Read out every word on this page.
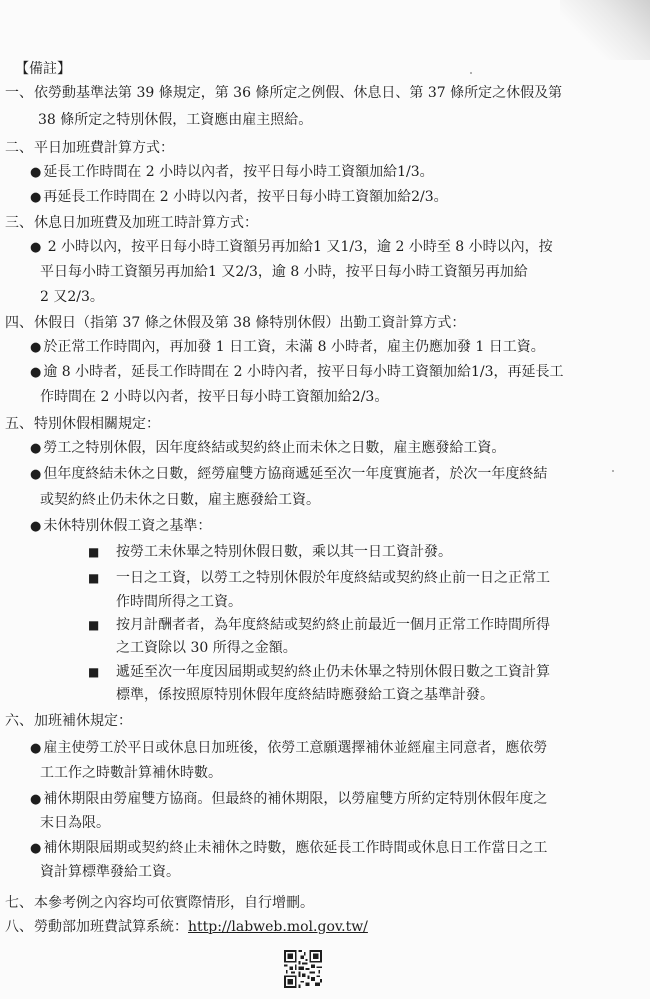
【備註】
一、 依勞動基準法第 39 條規定，第 36 條所定之例假、休息日、第 37 條所定之休假及第
38 條所定之特別休假，工資應由雇主照給。
二、 平日加班費計算方式：
● 延長工作時間在 2 小時以內者，按平日每小時工資額加給1/3。
● 再延長工作時間在 2 小時以內者，按平日每小時工資額加給2/3。
三、 休息日加班費及加班工時計算方式：
● 2 小時以內，按平日每小時工資額另再加給1 又1/3，逾 2 小時至 8 小時以內，按
平日每小時工資額另再加給1 又2/3，逾 8 小時，按平日每小時工資額另再加給
2 又2/3。
四、 休假日（指第 37 條之休假及第 38 條特別休假）出勤工資計算方式：
● 於正常工作時間內，再加發 1 日工資，未滿 8 小時者，雇主仍應加發 1 日工資。
● 逾 8 小時者，延長工作時間在 2 小時內者，按平日每小時工資額加給1/3，再延長工
作時間在 2 小時以內者，按平日每小時工資額加給2/3。
五、 特別休假相關規定：
● 勞工之特別休假，因年度終結或契約終止而未休之日數，雇主應發給工資。
● 但年度終結未休之日數，經勞雇雙方協商遞延至次一年度實施者，於次一年度終結
或契約終止仍未休之日數，雇主應發給工資。
● 未休特別休假工資之基準：
■ 按勞工未休畢之特別休假日數，乘以其一日工資計發。
■ 一日之工資，以勞工之特別休假於年度終結或契約終止前一日之正常工
作時間所得之工資。
■ 按月計酬者者，為年度終結或契約終止前最近一個月正常工作時間所得
之工資除以 30 所得之金額。
■ 遞延至次一年度因屆期或契約終止仍未休畢之特別休假日數之工資計算
標準，係按照原特別休假年度終結時應發給工資之基準計發。
六、 加班補休規定：
● 雇主使勞工於平日或休息日加班後，依勞工意願選擇補休並經雇主同意者，應依勞
工工作之時數計算補休時數。
● 補休期限由勞雇雙方協商。但最終的補休期限，以勞雇雙方所約定特別休假年度之
末日為限。
● 補休期限屆期或契約終止未補休之時數，應依延長工作時間或休息日工作當日之工
資計算標準發給工資。
七、 本參考例之內容均可依實際情形，自行增刪。
八、 勞動部加班費試算系統：http://labweb.mol.gov.tw/
